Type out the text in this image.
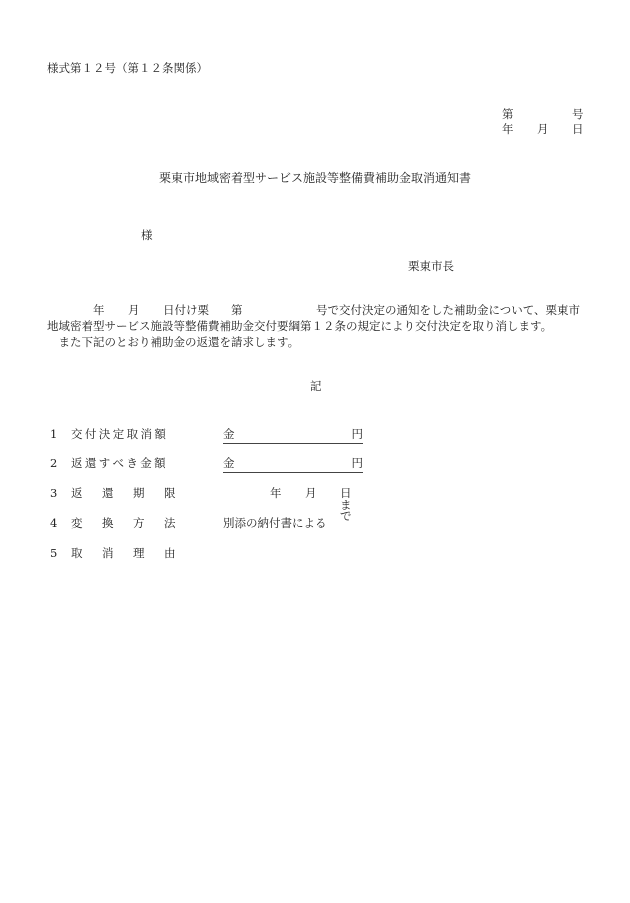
様式第１２号（第１２条関係）
第	号
年 月 日
栗東市地域密着型サービス施設等整備費補助金取消通知書
様
栗東市長
年 月 日付け栗 第	号で交付決定の通知をした補助金について、栗東市
地域密着型サービス施設等整備費補助金交付要綱第１２条の規定により交付決定を取り消します。
　また下記のとおり補助金の返還を請求します。
記
1 交付決定取消額	金	円
2 返還すべき金額	金	円
3 返 還 期 限	年 月 日まで
4 変 換 方 法	別添の納付書による
5 取 消 理 由
